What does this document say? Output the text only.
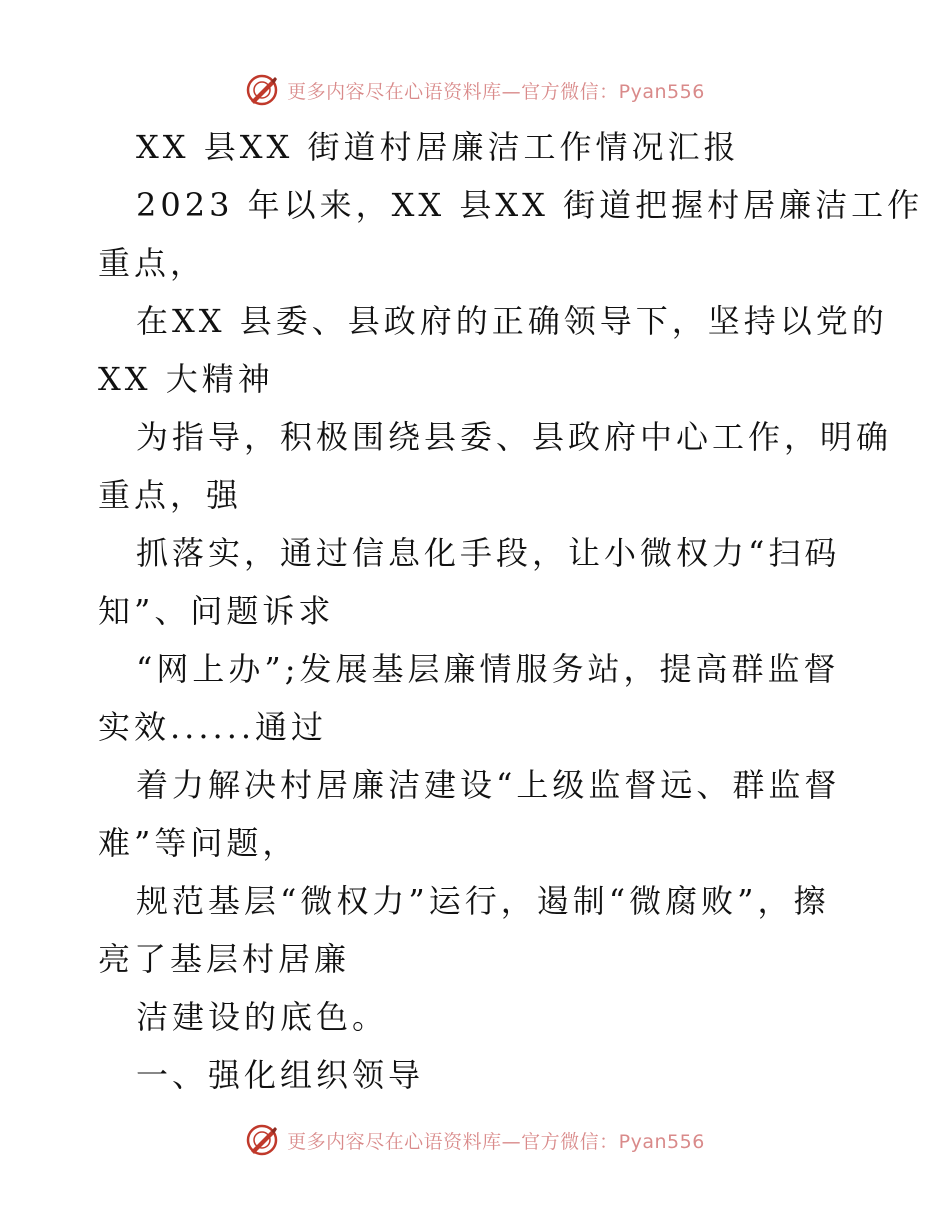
更多内容尽在心语资料库—官方微信：Pyan556
XX 县XX 街道村居廉洁工作情况汇报
2023 年以来，XX 县XX 街道把握村居廉洁工作
重点，
在XX 县委、县政府的正确领导下，坚持以党的
XX 大精神
为指导，积极围绕县委、县政府中心工作，明确
重点，强
抓落实，通过信息化手段，让小微权力“扫码
知”、问题诉求
“网上办”;发展基层廉情服务站，提高群监督
实效......通过
着力解决村居廉洁建设“上级监督远、群监督
难”等问题，
规范基层“微权力”运行，遏制“微腐败”，擦
亮了基层村居廉
洁建设的底色。
一、强化组织领导
更多内容尽在心语资料库—官方微信：Pyan556
